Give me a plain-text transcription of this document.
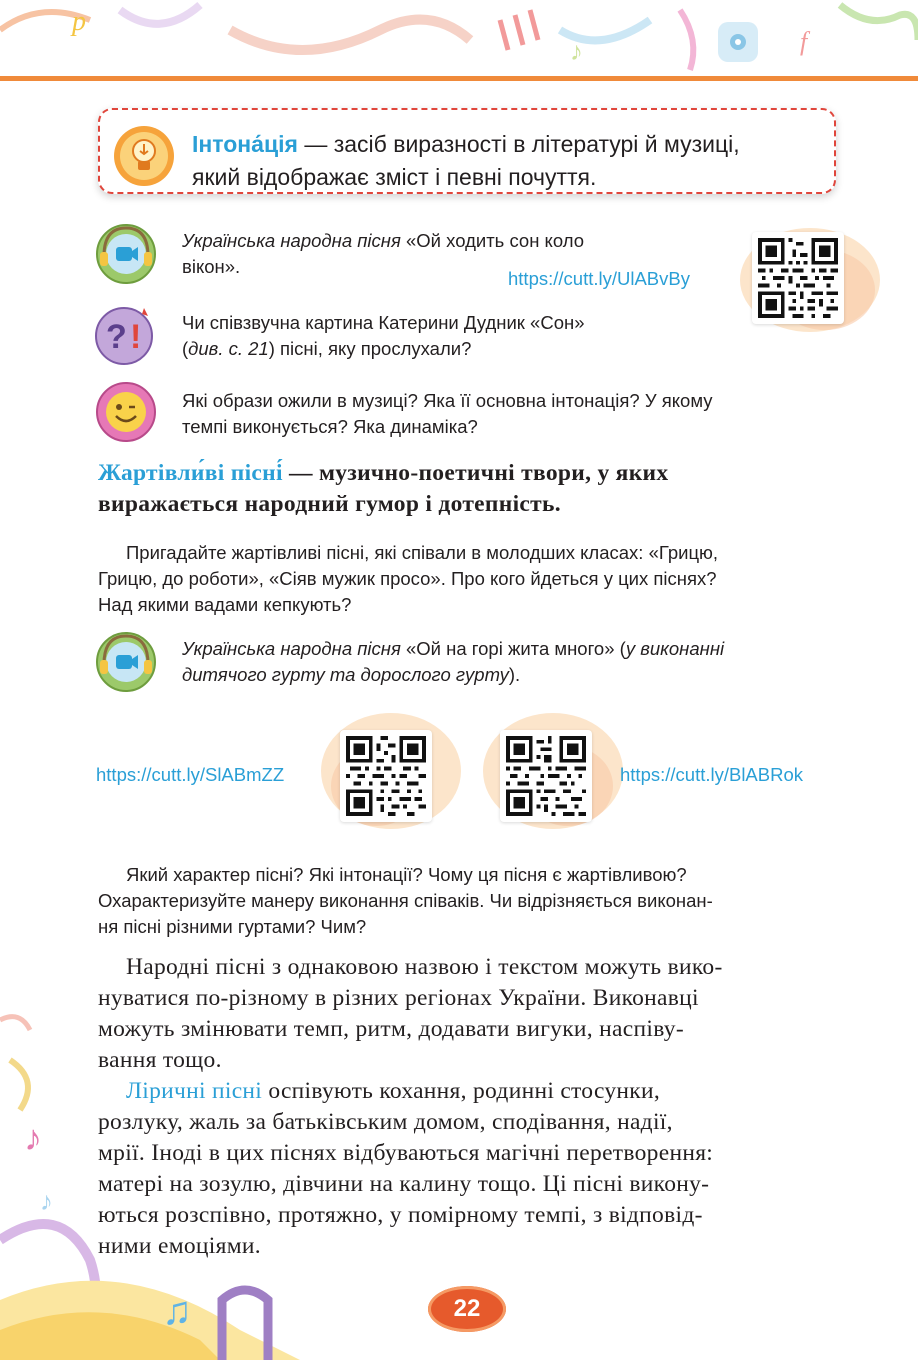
p
♪	f
Інтона́ція — засіб виразності в літературі й музиці,
який відображає зміст і певні почуття.
Українська народна пісня «Ой ходить сон коло
вікон».
https://cutt.ly/UlABvBy
? ! Чи співзвучна картина Катерини Дудник «Сон»
(див. с. 21) пісні, яку прослухали?
Які образи ожили в музиці? Яка її основна інтонація? У якому
темпі виконується? Яка динаміка?
Жартівли́ві пісні́ — музично-поетичні твори, у яких
виражається народний гумор і дотепність.
Пригадайте жартівливі пісні, які співали в молодших класах: «Грицю,
Грицю, до роботи», «Сіяв мужик просо». Про кого йдеться у цих піснях?
Над якими вадами кепкують?
Українська народна пісня «Ой на горі жита много» (у виконанні
дитячого гурту та дорослого гурту).
https://cutt.ly/SlABmZZ	https://cutt.ly/BlABRok
Який характер пісні? Які інтонації? Чому ця пісня є жартівливою?
Охарактеризуйте манеру виконання співаків. Чи відрізняється виконан-
ня пісні різними гуртами? Чим?
Народні пісні з однаковою назвою і текстом можуть вико-
нуватися по-різному в різних регіонах України. Виконавці
можуть змінювати темп, ритм, додавати вигуки, наспіву-
вання тощо.
Ліричні пісні оспівують кохання, родинні стосунки,
розлуку, жаль за батьківським домом, сподівання, надії,
мрії. Іноді в цих піснях відбуваються магічні перетворення:
матері на зозулю, дівчини на калину тощо. Ці пісні викону-
ються розспівно, протяжно, у помірному темпі, з відповід-
ними емоціями.
♪
♪
♫	22
